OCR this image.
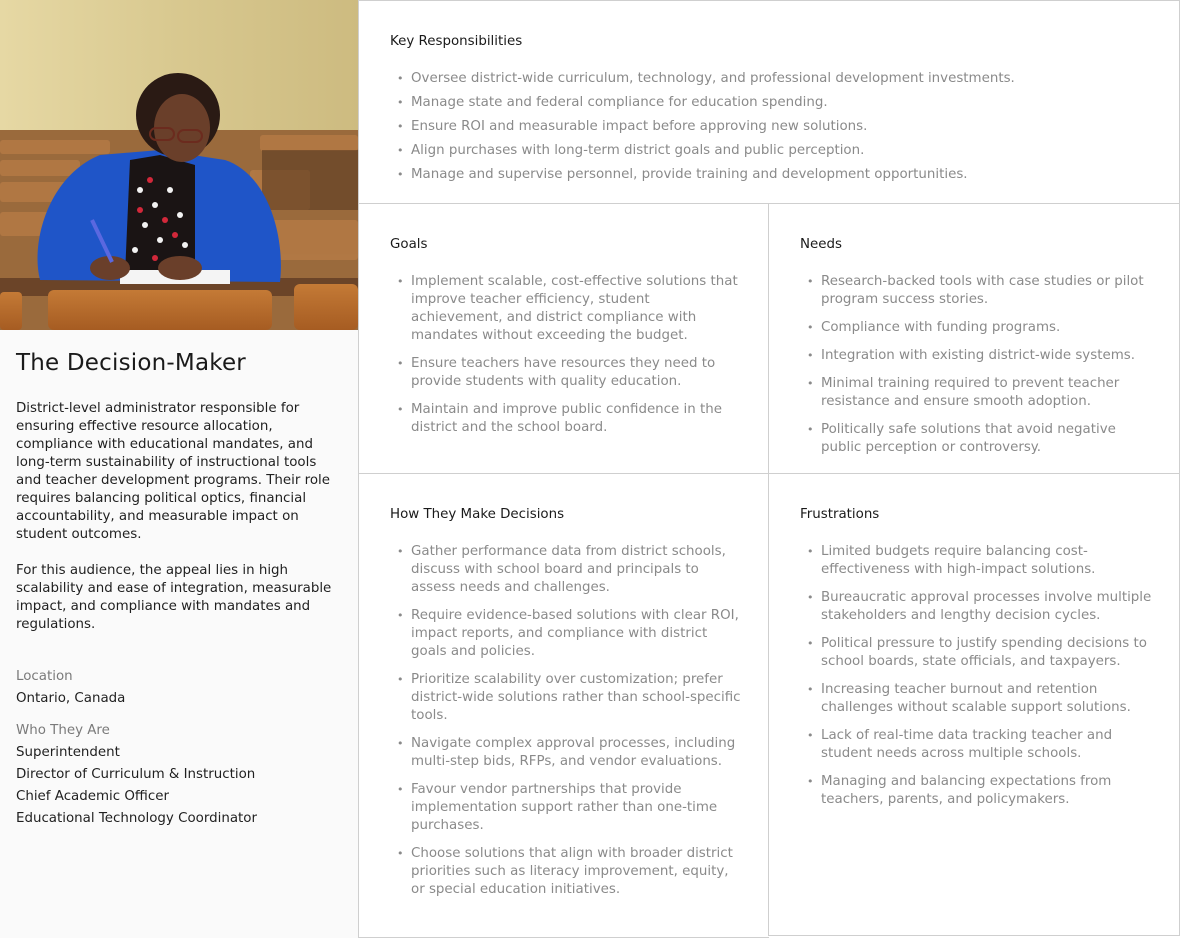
The Decision-Maker

District-level administrator responsible for ensuring effective resource allocation, compliance with educational mandates, and long-term sustainability of instructional tools and teacher development programs. Their role requires balancing political optics, financial accountability, and measurable impact on student outcomes.

For this audience, the appeal lies in high scalability and ease of integration, measurable impact, and compliance with mandates and regulations.

Location
Ontario, Canada
Who They Are
Superintendent
Director of Curriculum & Instruction
Chief Academic Officer
Educational Technology Coordinator
Key Responsibilities
• Oversee district-wide curriculum, technology, and professional development investments.
• Manage state and federal compliance for education spending.
• Ensure ROI and measurable impact before approving new solutions.
• Align purchases with long-term district goals and public perception.
• Manage and supervise personnel, provide training and development opportunities.
Goals
• Implement scalable, cost-effective solutions that improve teacher efficiency, student achievement, and district compliance with mandates without exceeding the budget.
• Ensure teachers have resources they need to provide students with quality education.
• Maintain and improve public confidence in the district and the school board.
Needs
• Research-backed tools with case studies or pilot program success stories.
• Compliance with funding programs.
• Integration with existing district-wide systems.
• Minimal training required to prevent teacher resistance and ensure smooth adoption.
• Politically safe solutions that avoid negative public perception or controversy.
How They Make Decisions
• Gather performance data from district schools, discuss with school board and principals to assess needs and challenges.
• Require evidence-based solutions with clear ROI, impact reports, and compliance with district goals and policies.
• Prioritize scalability over customization; prefer district-wide solutions rather than school-specific tools.
• Navigate complex approval processes, including multi-step bids, RFPs, and vendor evaluations.
• Favour vendor partnerships that provide implementation support rather than one-time purchases.
• Choose solutions that align with broader district priorities such as literacy improvement, equity, or special education initiatives.
Frustrations
• Limited budgets require balancing cost-effectiveness with high-impact solutions.
• Bureaucratic approval processes involve multiple stakeholders and lengthy decision cycles.
• Political pressure to justify spending decisions to school boards, state officials, and taxpayers.
• Increasing teacher burnout and retention challenges without scalable support solutions.
• Lack of real-time data tracking teacher and student needs across multiple schools.
• Managing and balancing expectations from teachers, parents, and policymakers.
